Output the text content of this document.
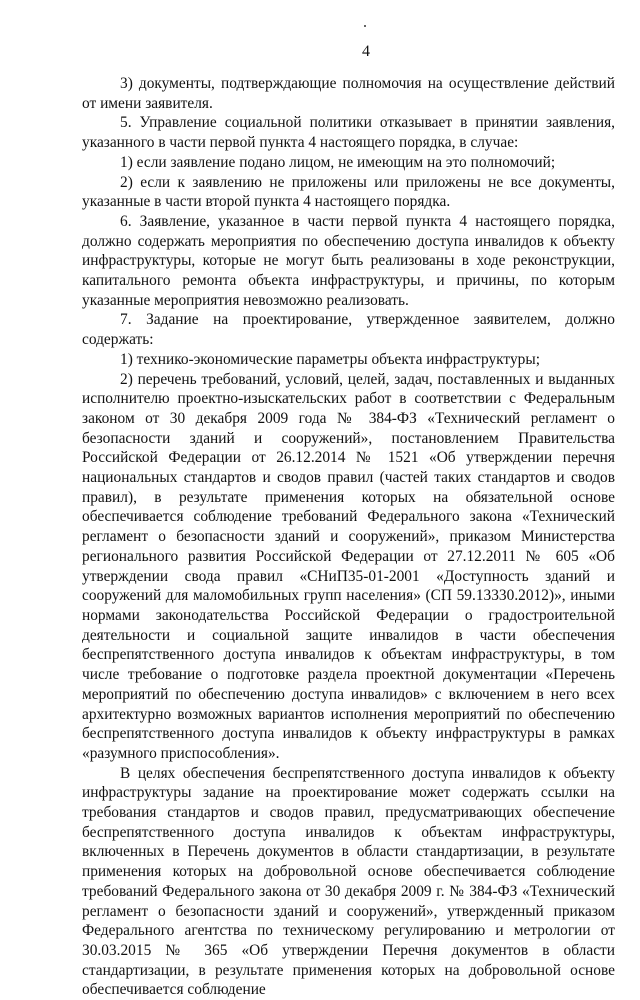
4

3) документы, подтверждающие полномочия на осуществление действий от имени заявителя.

5. Управление социальной политики отказывает в принятии заявления, указанного в части первой пункта 4 настоящего порядка, в случае:

1) если заявление подано лицом, не имеющим на это полномочий;

2) если к заявлению не приложены или приложены не все документы, указанные в части второй пункта 4 настоящего порядка.

6. Заявление, указанное в части первой пункта 4 настоящего порядка, должно содержать мероприятия по обеспечению доступа инвалидов к объекту инфраструктуры, которые не могут быть реализованы в ходе реконструкции, капитального ремонта объекта инфраструктуры, и причины, по которым указанные мероприятия невозможно реализовать.

7. Задание на проектирование, утвержденное заявителем, должно содержать:

1) технико-экономические параметры объекта инфраструктуры;

2) перечень требований, условий, целей, задач, поставленных и выданных исполнителю проектно-изыскательских работ в соответствии с Федеральным законом от 30 декабря 2009 года № 384-ФЗ «Технический регламент о безопасности зданий и сооружений», постановлением Правительства Российской Федерации от 26.12.2014 № 1521 «Об утверждении перечня национальных стандартов и сводов правил (частей таких стандартов и сводов правил), в результате применения которых на обязательной основе обеспечивается соблюдение требований Федерального закона «Технический регламент о безопасности зданий и сооружений», приказом Министерства регионального развития Российской Федерации от 27.12.2011 № 605 «Об утверждении свода правил «СНиП35-01-2001 «Доступность зданий и сооружений для маломобильных групп населения» (СП 59.13330.2012)», иными нормами законодательства Российской Федерации о градостроительной деятельности и социальной защите инвалидов в части обеспечения беспрепятственного доступа инвалидов к объектам инфраструктуры, в том числе требование о подготовке раздела проектной документации «Перечень мероприятий по обеспечению доступа инвалидов» с включением в него всех архитектурно возможных вариантов исполнения мероприятий по обеспечению беспрепятственного доступа инвалидов к объекту инфраструктуры в рамках «разумного приспособления».

В целях обеспечения беспрепятственного доступа инвалидов к объекту инфраструктуры задание на проектирование может содержать ссылки на требования стандартов и сводов правил, предусматривающих обеспечение беспрепятственного доступа инвалидов к объектам инфраструктуры, включенных в Перечень документов в области стандартизации, в результате применения которых на добровольной основе обеспечивается соблюдение требований Федерального закона от 30 декабря 2009 г. № 384-ФЗ «Технический регламент о безопасности зданий и сооружений», утвержденный приказом Федерального агентства по техническому регулированию и метрологии от 30.03.2015 № 365 «Об утверждении Перечня документов в области стандартизации, в результате применения которых на добровольной основе обеспечивается соблюдение
